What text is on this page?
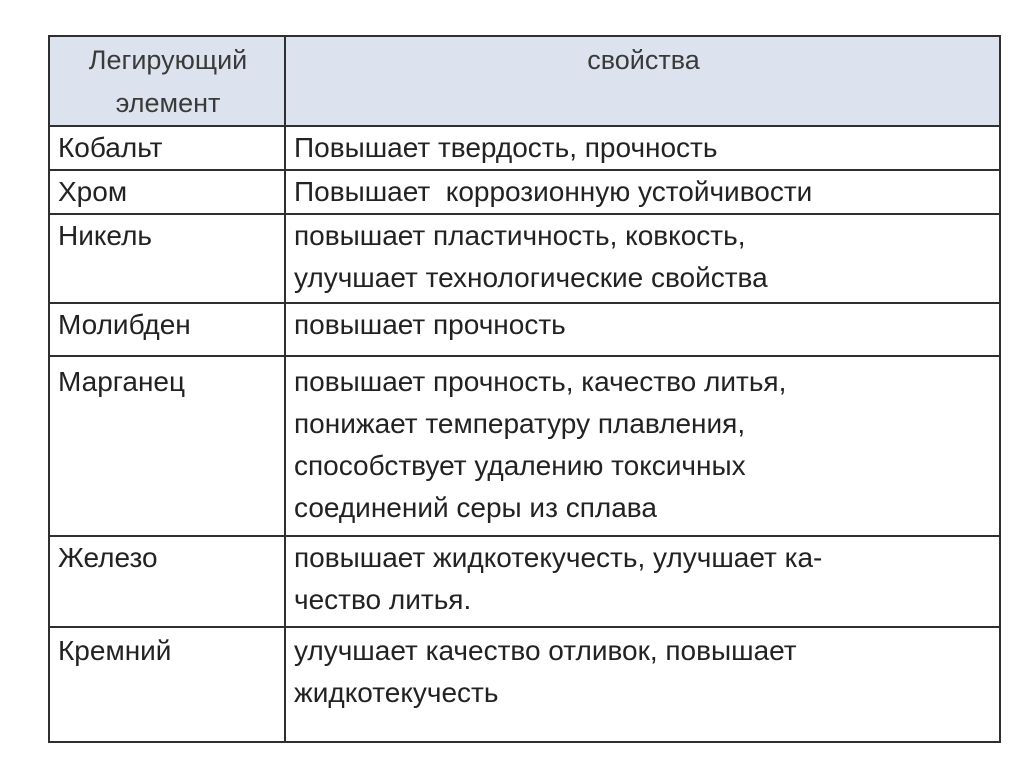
Легирующий
элемент	свойства

Кобальт	Повышает твердость, прочность

Хром	Повышает  коррозионную устойчивости

Никель	повышает пластичность, ковкость,
улучшает технологические свойства

Молибден	повышает прочность

Марганец	повышает прочность, качество литья,
понижает температуру плавления,
способствует удалению токсичных
соединений серы из сплава

Железо	повышает жидкотекучесть, улучшает ка-
чество литья.

Кремний	улучшает качество отливок, повышает
жидкотекучесть
